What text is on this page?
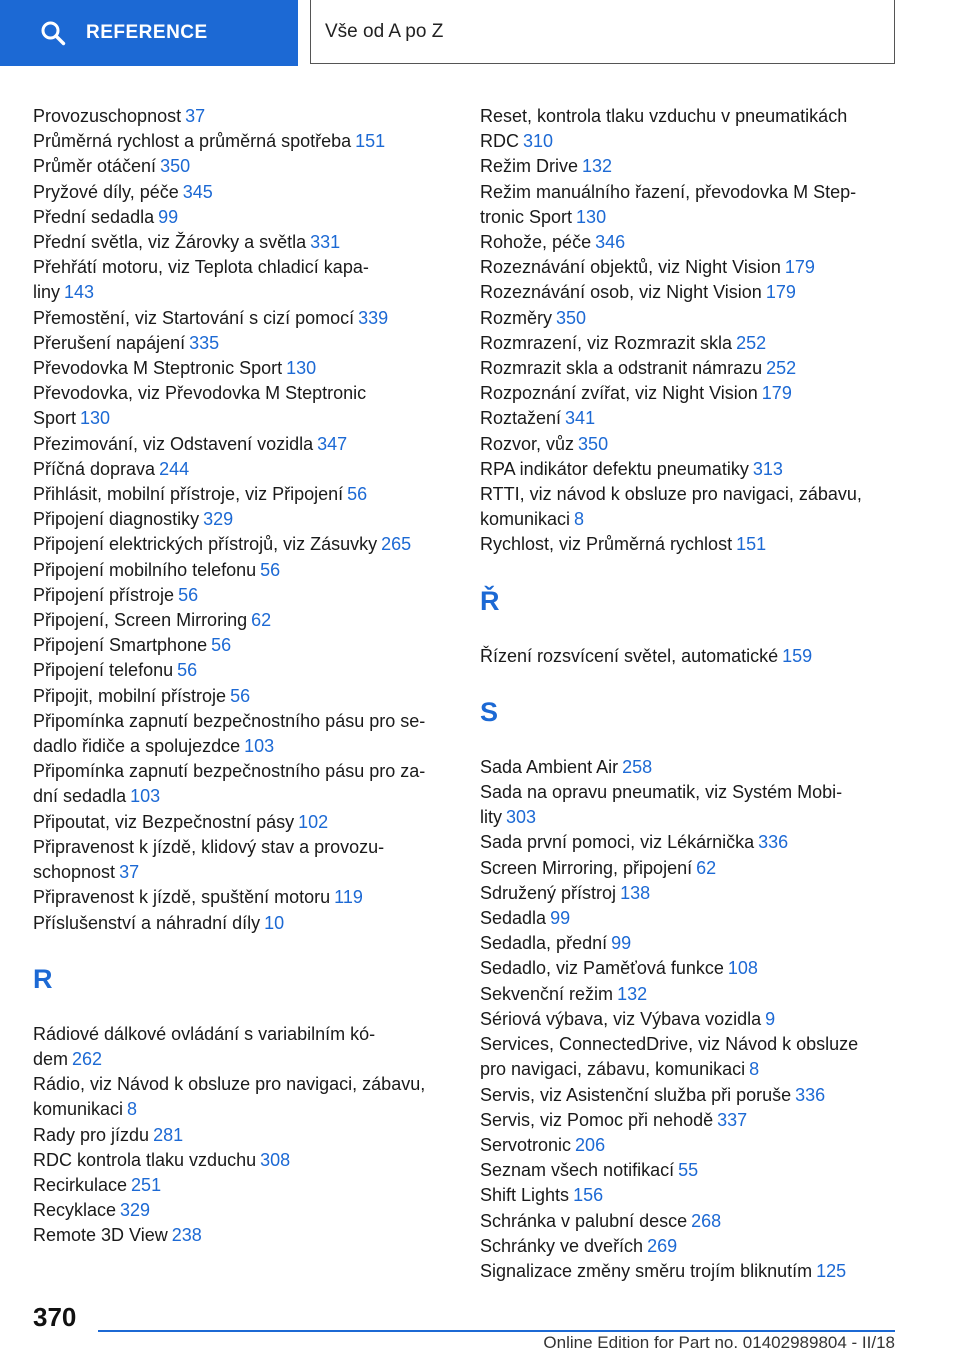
REFERENCE	Vše od A po Z
Provozuschopnost 37
Průměrná rychlost a průměrná spotřeba 151
Průměr otáčení 350
Pryžové díly, péče 345
Přední sedadla 99
Přední světla, viz Žárovky a světla 331
Přehřátí motoru, viz Teplota chladicí kapa-
liny 143
Přemostění, viz Startování s cizí pomocí 339
Přerušení napájení 335
Převodovka M Steptronic Sport 130
Převodovka, viz Převodovka M Steptronic
Sport 130
Přezimování, viz Odstavení vozidla 347
Příčná doprava 244
Přihlásit, mobilní přístroje, viz Připojení 56
Připojení diagnostiky 329
Připojení elektrických přístrojů, viz Zásuvky 265
Připojení mobilního telefonu 56
Připojení přístroje 56
Připojení, Screen Mirroring 62
Připojení Smartphone 56
Připojení telefonu 56
Připojit, mobilní přístroje 56
Připomínka zapnutí bezpečnostního pásu pro se-
dadlo řidiče a spolujezdce 103
Připomínka zapnutí bezpečnostního pásu pro za-
dní sedadla 103
Připoutat, viz Bezpečnostní pásy 102
Připravenost k jízdě, klidový stav a provozu-
schopnost 37
Připravenost k jízdě, spuštění motoru 119
Příslušenství a náhradní díly 10
R
Rádiové dálkové ovládání s variabilním kó-
dem 262
Rádio, viz Návod k obsluze pro navigaci, zábavu,
komunikaci 8
Rady pro jízdu 281
RDC kontrola tlaku vzduchu 308
Recirkulace 251
Recyklace 329
Remote 3D View 238
Reset, kontrola tlaku vzduchu v pneumatikách
RDC 310
Režim Drive 132
Režim manuálního řazení, převodovka M Step-
tronic Sport 130
Rohože, péče 346
Rozeznávání objektů, viz Night Vision 179
Rozeznávání osob, viz Night Vision 179
Rozměry 350
Rozmrazení, viz Rozmrazit skla 252
Rozmrazit skla a odstranit námrazu 252
Rozpoznání zvířat, viz Night Vision 179
Roztažení 341
Rozvor, vůz 350
RPA indikátor defektu pneumatiky 313
RTTI, viz návod k obsluze pro navigaci, zábavu,
komunikaci 8
Rychlost, viz Průměrná rychlost 151
Ř
Řízení rozsvícení světel, automatické 159
S
Sada Ambient Air 258
Sada na opravu pneumatik, viz Systém Mobi-
lity 303
Sada první pomoci, viz Lékárnička 336
Screen Mirroring, připojení 62
Sdružený přístroj 138
Sedadla 99
Sedadla, přední 99
Sedadlo, viz Paměťová funkce 108
Sekvenční režim 132
Sériová výbava, viz Výbava vozidla 9
Services, ConnectedDrive, viz Návod k obsluze
pro navigaci, zábavu, komunikaci 8
Servis, viz Asistenční služba při poruše 336
Servis, viz Pomoc při nehodě 337
Servotronic 206
Seznam všech notifikací 55
Shift Lights 156
Schránka v palubní desce 268
Schránky ve dveřích 269
Signalizace změny směru trojím bliknutím 125
370
Online Edition for Part no. 01402989804 - II/18
